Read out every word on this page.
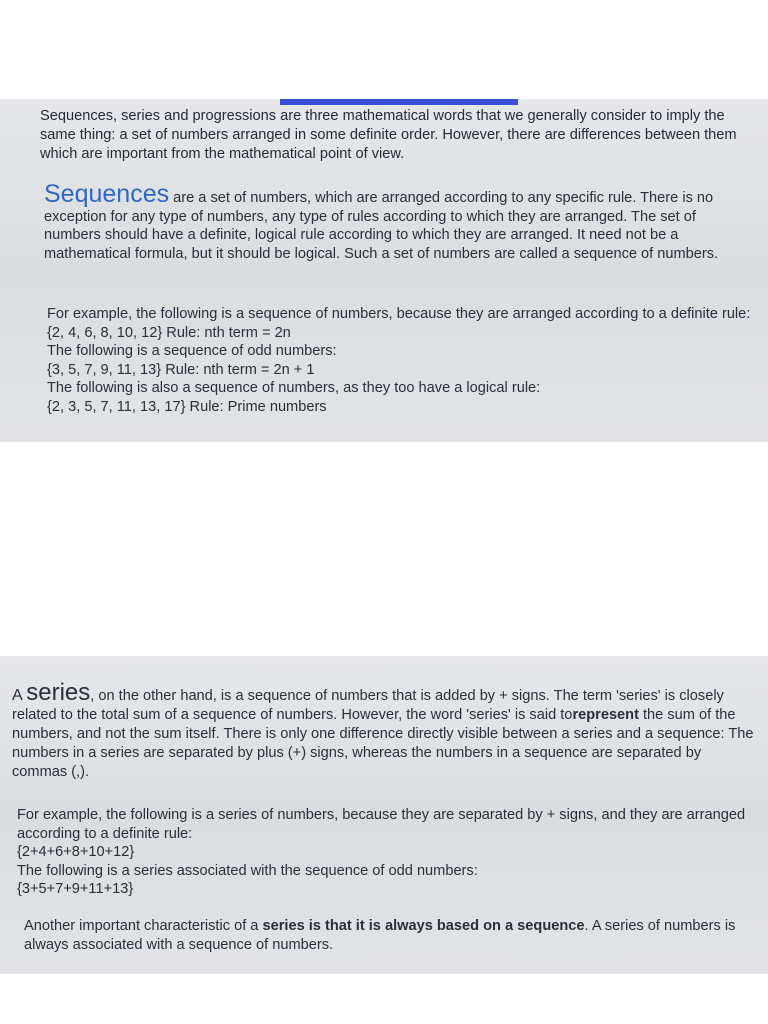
Sequences, series and progressions are three mathematical words that we generally consider to imply the same thing: a set of numbers arranged in some definite order. However, there are differences between them which are important from the mathematical point of view.

Sequences are a set of numbers, which are arranged according to any specific rule. There is no exception for any type of numbers, any type of rules according to which they are arranged. The set of numbers should have a definite, logical rule according to which they are arranged. It need not be a mathematical formula, but it should be logical. Such a set of numbers are called a sequence of numbers.

For example, the following is a sequence of numbers, because they are arranged according to a definite rule:

{2, 4, 6, 8, 10, 12} Rule: nth term = 2n

The following is a sequence of odd numbers:

{3, 5, 7, 9, 11, 13} Rule: nth term = 2n + 1

The following is also a sequence of numbers, as they too have a logical rule:

{2, 3, 5, 7, 11, 13, 17} Rule: Prime numbers

A series, on the other hand, is a sequence of numbers that is added by + signs. The term 'series' is closely related to the total sum of a sequence of numbers. However, the word 'series' is said torepresent the sum of the numbers, and not the sum itself. There is only one difference directly visible between a series and a sequence: The numbers in a series are separated by plus (+) signs, whereas the numbers in a sequence are separated by commas (,).

For example, the following is a series of numbers, because they are separated by + signs, and they are arranged according to a definite rule:

{2+4+6+8+10+12}

The following is a series associated with the sequence of odd numbers:

{3+5+7+9+11+13}

Another important characteristic of a series is that it is always based on a sequence. A series of numbers is always associated with a sequence of numbers.
